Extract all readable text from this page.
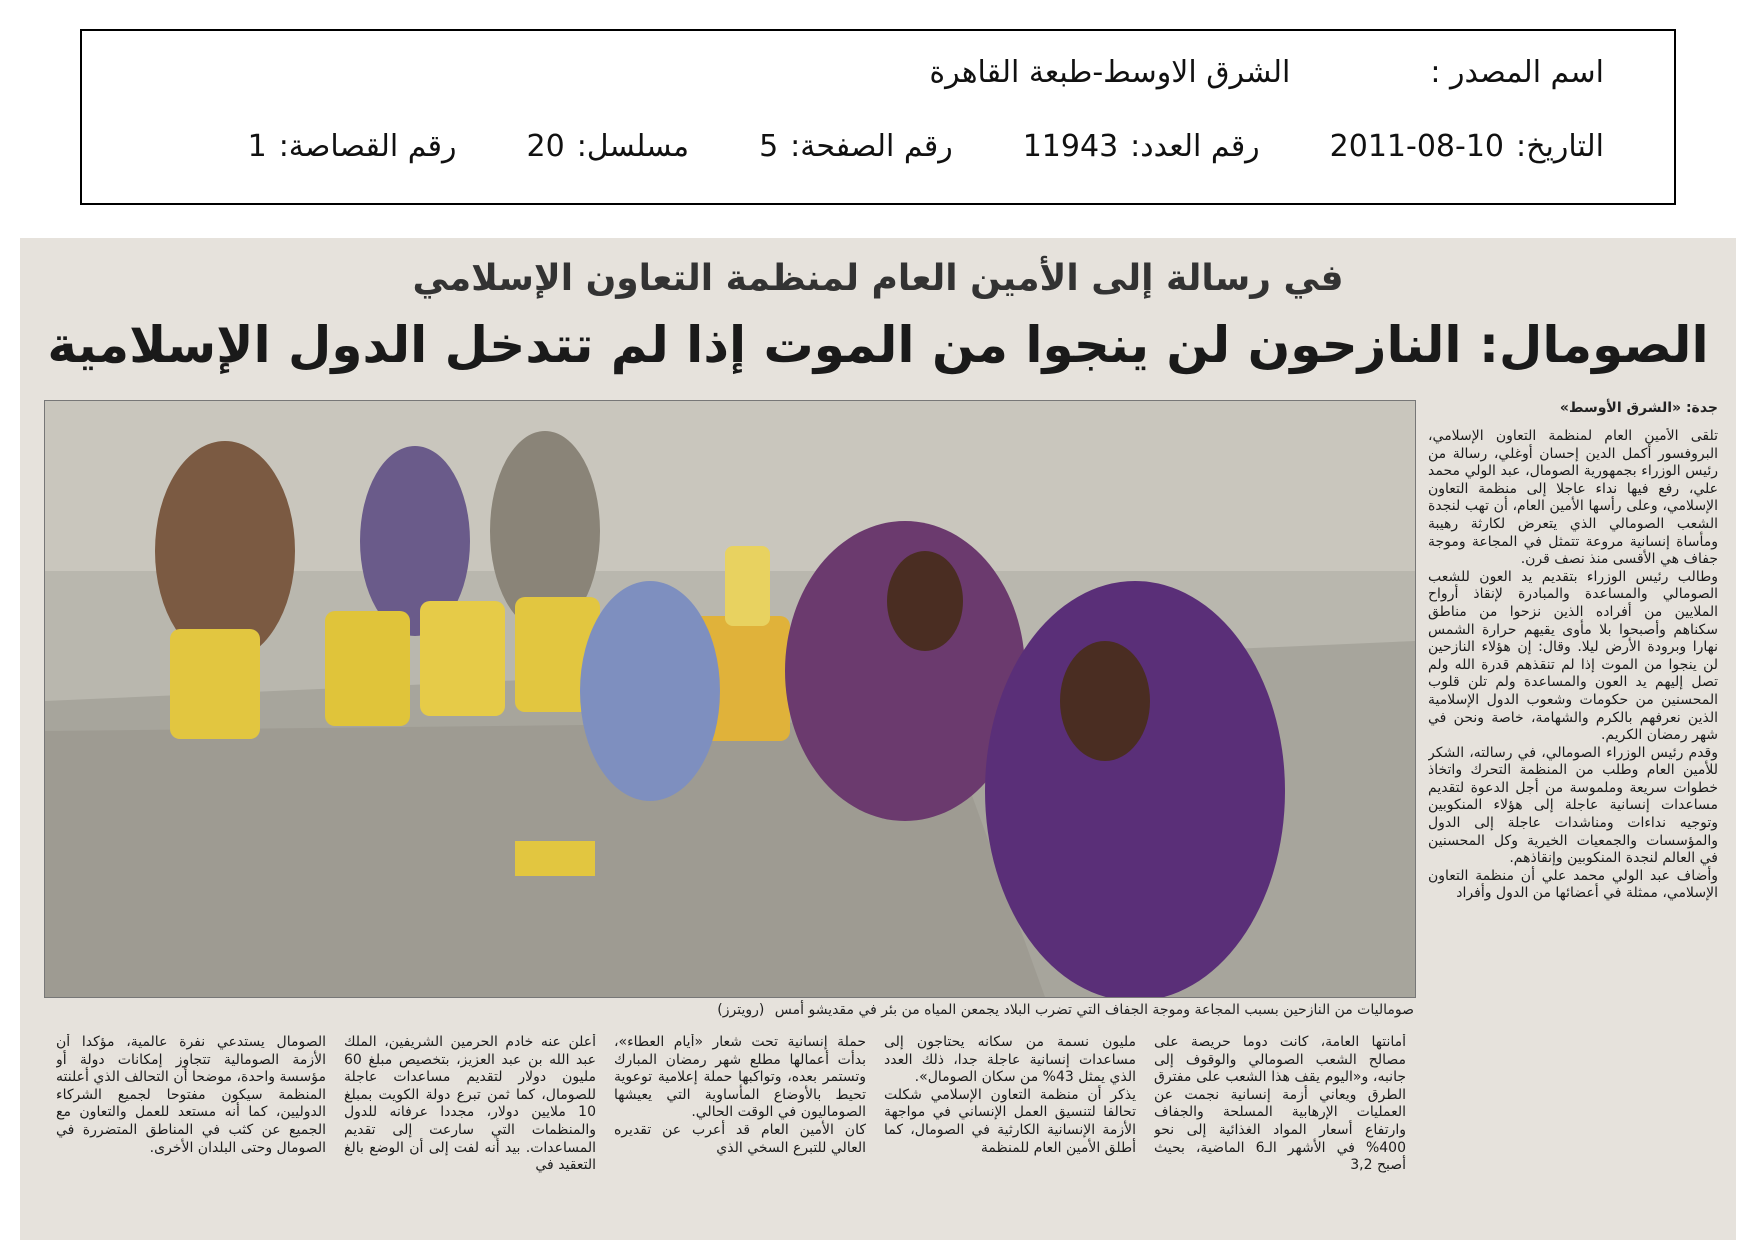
اسم المصدر :
الشرق الاوسط-طبعة القاهرة
التاريخ:
2011-08-10
رقم العدد:
11943
رقم الصفحة:
5
مسلسل:
20
رقم القصاصة:
1
في رسالة إلى الأمين العام لمنظمة التعاون الإسلامي
الصومال: النازحون لن ينجوا من الموت إذا لم تتدخل الدول الإسلامية
صوماليات من النازحين بسبب المجاعة وموجة الجفاف التي تضرب البلاد يجمعن المياه من بئر في مقديشو أمس (رويترز)
جدة: «الشرق الأوسط»
تلقى الأمين العام لمنظمة التعاون الإسلامي، البروفسور أكمل الدين إحسان أوغلي، رسالة من رئيس الوزراء بجمهورية الصومال، عبد الولي محمد علي، رفع فيها نداء عاجلا إلى منظمة التعاون الإسلامي، وعلى رأسها الأمين العام، أن تهب لنجدة الشعب الصومالي الذي يتعرض لكارثة رهيبة ومأساة إنسانية مروعة تتمثل في المجاعة وموجة جفاف هي الأقسى منذ نصف قرن.
وطالب رئيس الوزراء بتقديم يد العون للشعب الصومالي والمساعدة والمبادرة لإنقاذ أرواح الملايين من أفراده الذين نزحوا من مناطق سكناهم وأصبحوا بلا مأوى يقيهم حرارة الشمس نهارا وبرودة الأرض ليلا. وقال: إن هؤلاء النازحين لن ينجوا من الموت إذا لم تنقذهم قدرة الله ولم تصل إليهم يد العون والمساعدة ولم تلن قلوب المحسنين من حكومات وشعوب الدول الإسلامية الذين نعرفهم بالكرم والشهامة، خاصة ونحن في شهر رمضان الكريم.
وقدم رئيس الوزراء الصومالي، في رسالته، الشكر للأمين العام وطلب من المنظمة التحرك واتخاذ خطوات سريعة وملموسة من أجل الدعوة لتقديم مساعدات إنسانية عاجلة إلى هؤلاء المنكوبين وتوجيه نداءات ومناشدات عاجلة إلى الدول والمؤسسات والجمعيات الخيرية وكل المحسنين في العالم لنجدة المنكوبين وإنقاذهم.
وأضاف عبد الولي محمد علي أن منظمة التعاون الإسلامي، ممثلة في أعضائها من الدول وأفراد
أمانتها العامة، كانت دوما حريصة على مصالح الشعب الصومالي والوقوف إلى جانبه، و«اليوم يقف هذا الشعب على مفترق الطرق ويعاني أزمة إنسانية نجمت عن العمليات الإرهابية المسلحة والجفاف وارتفاع أسعار المواد الغذائية إلى نحو 400% في الأشهر الـ6 الماضية، بحيث أصبح 3,2
مليون نسمة من سكانه يحتاجون إلى مساعدات إنسانية عاجلة جدا، ذلك العدد الذي يمثل 43% من سكان الصومال».
يذكر أن منظمة التعاون الإسلامي شكلت تحالفا لتنسيق العمل الإنساني في مواجهة الأزمة الإنسانية الكارثية في الصومال، كما أطلق الأمين العام للمنظمة
حملة إنسانية تحت شعار «أيام العطاء»، بدأت أعمالها مطلع شهر رمضان المبارك وتستمر بعده، وتواكبها حملة إعلامية توعوية تحيط بالأوضاع المأساوية التي يعيشها الصوماليون في الوقت الحالي.
كان الأمين العام قد أعرب عن تقديره العالي للتبرع السخي الذي
أعلن عنه خادم الحرمين الشريفين، الملك عبد الله بن عبد العزيز، بتخصيص مبلغ 60 مليون دولار لتقديم مساعدات عاجلة للصومال، كما ثمن تبرع دولة الكويت بمبلغ 10 ملايين دولار، مجددا عرفانه للدول والمنظمات التي سارعت إلى تقديم المساعدات. بيد أنه لفت إلى أن الوضع بالغ التعقيد في
الصومال يستدعي نفرة عالمية، مؤكدا أن الأزمة الصومالية تتجاوز إمكانات دولة أو مؤسسة واحدة، موضحا أن التحالف الذي أعلنته المنظمة سيكون مفتوحا لجميع الشركاء الدوليين، كما أنه مستعد للعمل والتعاون مع الجميع عن كثب في المناطق المتضررة في الصومال وحتى البلدان الأخرى.
